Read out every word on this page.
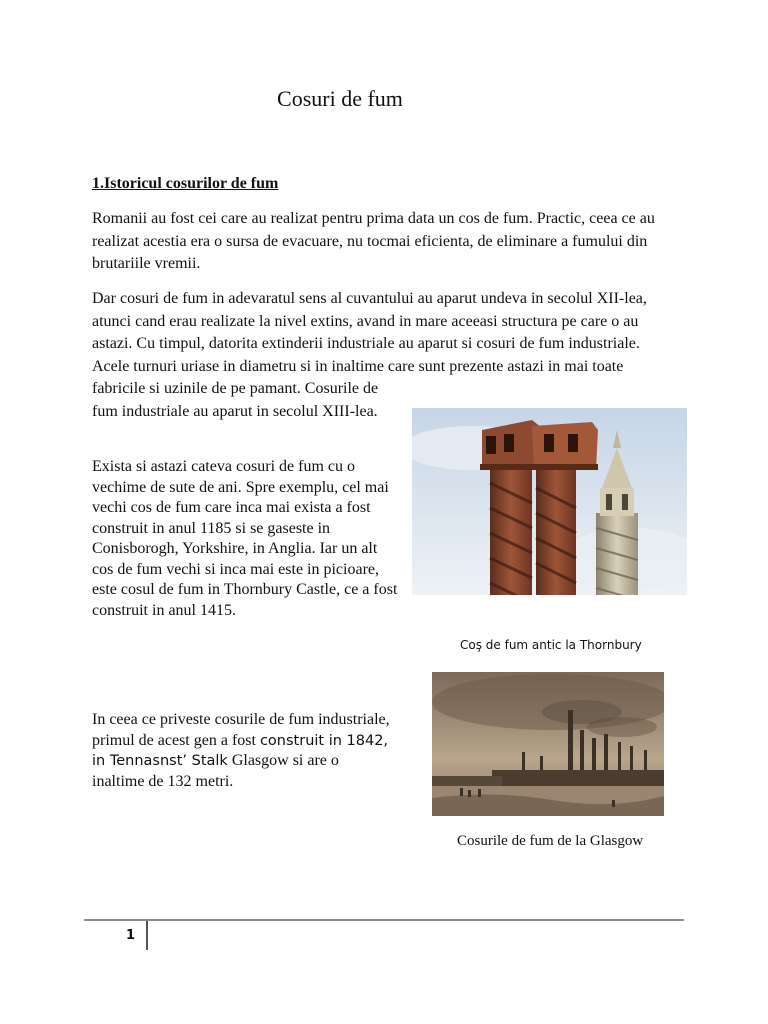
Cosuri de fum
1.Istoricul cosurilor de fum
Romanii au fost cei care au realizat pentru prima data un cos de fum. Practic, ceea ce au realizat acestia era o sursa de evacuare, nu tocmai eficienta, de eliminare a fumului din brutariile vremii.
Dar cosuri de fum in adevaratul sens al cuvantului au aparut undeva in secolul XII-lea, atunci cand erau realizate la nivel extins, avand in mare aceeasi structura pe care o au astazi. Cu timpul, datorita extinderii industriale au aparut si cosuri de fum industriale. Acele turnuri uriase in diametru si in inaltime care sunt prezente astazi in mai toate fabricile si uzinile de pe pamant. Cosurile de
fum industriale au aparut in secolul XIII-lea.
Exista si astazi cateva cosuri de fum cu o vechime de sute de ani. Spre exemplu, cel mai vechi cos de fum care inca mai exista a fost construit in anul 1185 si se gaseste in Conisborogh, Yorkshire, in Anglia. Iar un alt cos de fum vechi si inca mai este in picioare, este cosul de fum in Thornbury Castle, ce a fost construit in anul 1415.
In ceea ce priveste cosurile de fum industriale, primul de acest gen a fost construit in 1842, in Tennasnst’ Stalk Glasgow si are o inaltime de 132 metri.
Coş de fum antic la Thornbury
Cosurile de fum de la Glasgow
1
